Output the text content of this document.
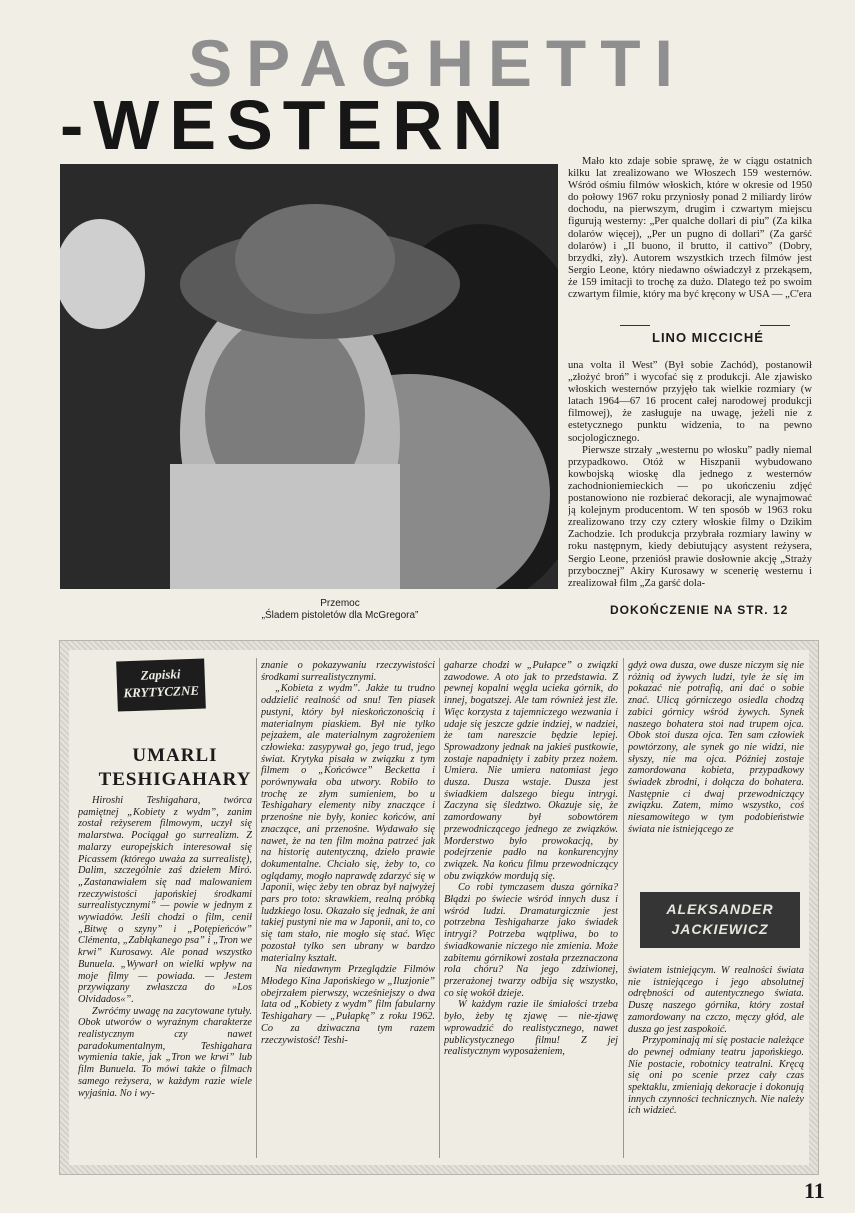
SPAGHETTI
-WESTERN
Przemoc
„Śladem pistoletów dla McGregora”

Mało kto zdaje sobie sprawę, że w ciągu ostatnich kilku lat zrealizowano we Włoszech 159 westernów. Wśród ośmiu filmów włoskich, które w okresie od 1950 do połowy 1967 roku przyniosły ponad 2 miliardy lirów dochodu, na pierwszym, drugim i czwartym miejscu figurują westerny: „Per qualche dollari di piu” (Za kilka dolarów więcej), „Per un pugno di dollari” (Za garść dolarów) i „Il buono, il brutto, il cattivo” (Dobry, brzydki, zły). Autorem wszystkich trzech filmów jest Sergio Leone, który niedawno oświadczył z przekąsem, że 159 imitacji to trochę za dużo. Dlatego też po swoim czwartym filmie, który ma być kręcony w USA — „C'era

LINO MICCICHÉ

una volta il West” (Był sobie Zachód), postanowił „złożyć broń” i wycofać się z produkcji. Ale zjawisko włoskich westernów przyjęło tak wielkie rozmiary (w latach 1964—67 16 procent całej narodowej produkcji filmowej), że zasługuje na uwagę, jeżeli nie z estetycznego punktu widzenia, to na pewno socjologicznego.

Pierwsze strzały „westernu po włosku” padły niemal przypadkowo. Otóż w Hiszpanii wybudowano kowbojską wioskę dla jednego z westernów zachodnioniemieckich — po ukończeniu zdjęć postanowiono nie rozbierać dekoracji, ale wynajmować ją kolejnym producentom. W ten sposób w 1963 roku zrealizowano trzy czy cztery włoskie filmy o Dzikim Zachodzie. Ich produkcja przybrała rozmiary lawiny w roku następnym, kiedy debiutujący asystent reżysera, Sergio Leone, przeniósł prawie dosłownie akcję „Straży przybocznej” Akiry Kurosawy w scenerię westernu i zrealizował film „Za garść dola-

DOKOŃCZENIE NA STR. 12
Zapiski
KRYTYCZNE
UMARLI
TESHIGAHARY

Hiroshi Teshigahara, twórca pamiętnej „Kobiety z wydm”, zanim został reżyserem filmowym, uczył się malarstwa. Pociągał go surrealizm. Z malarzy europejskich interesował się Picassem (którego uważa za surrealistę), Dalim, szczególnie zaś dziełem Miró. „Zastanawiałem się nad malowaniem rzeczywistości japońskiej środkami surrealistycznymi” — powie w jednym z wywiadów. Jeśli chodzi o film, cenił „Bitwę o szyny” i „Potępieńców” Clémenta, „Zabłąkanego psa” i „Tron we krwi” Kurosawy. Ale ponad wszystko Bunuela. „Wywarł on wielki wpływ na moje filmy — powiada. — Jestem przywiązany zwłaszcza do »Los Olvidados«”.

Zwróćmy uwagę na zacytowane tytuły. Obok utworów o wyraźnym charakterze realistycznym czy nawet paradokumentalnym, Teshigahara wymienia takie, jak „Tron we krwi” lub film Bunuela. To mówi także o filmach samego reżysera, w każdym razie wiele wyjaśnia. No i wy-

znanie o pokazywaniu rzeczywistości środkami surrealistycznymi.

„Kobieta z wydm”. Jakże tu trudno oddzielić realność od snu! Ten piasek pustyni, który był nieskończonością i materialnym piaskiem. Był nie tylko pejzażem, ale materialnym zagrożeniem człowieka: zasypywał go, jego trud, jego świat. Krytyka pisała w związku z tym filmem o „Końcówce” Becketta i porównywała oba utwory. Robiło to trochę ze złym sumieniem, bo u Teshigahary elementy niby znaczące i przenośne nie były, koniec końców, ani znaczące, ani przenośne. Wydawało się nawet, że na ten film można patrzeć jak na historię autentyczną, dzieło prawie dokumentalne. Chciało się, żeby to, co oglądamy, mogło naprawdę zdarzyć się w Japonii, więc żeby ten obraz był najwyżej pars pro toto: skrawkiem, realną próbką ludzkiego losu. Okazało się jednak, że ani takiej pustyni nie ma w Japonii, ani to, co się tam stało, nie mogło się stać. Więc pozostał tylko sen ubrany w bardzo materialny kształt.

Na niedawnym Przeglądzie Filmów Młodego Kina Japońskiego w „Iluzjonie” obejrzałem pierwszy, wcześniejszy o dwa lata od „Kobiety z wydm” film fabularny Teshigahary — „Pułapkę” z roku 1962. Co za dziwaczna tym razem rzeczywistość! Teshi-

gaharze chodzi w „Pułapce” o związki zawodowe. A oto jak to przedstawia. Z pewnej kopalni węgla ucieka górnik, do innej, bogatszej. Ale tam również jest źle. Więc korzysta z tajemniczego wezwania i udaje się jeszcze gdzie indziej, w nadziei, że tam nareszcie będzie lepiej. Sprowadzony jednak na jakieś pustkowie, zostaje napadnięty i zabity przez nożem. Umiera. Nie umiera natomiast jego dusza. Dusza wstaje. Dusza jest świadkiem dalszego biegu intrygi. Zaczyna się śledztwo. Okazuje się, że zamordowany był sobowtórem przewodniczącego jednego ze związków. Morderstwo było prowokacją, by podejrzenie padło na konkurencyjny związek. Na końcu filmu przewodniczący obu związków mordują się.

Co robi tymczasem dusza górnika? Błądzi po świecie wśród innych dusz i wśród ludzi. Dramaturgicznie jest potrzebna Teshigaharze jako świadek intrygi? Potrzeba wątpliwa, bo to świadkowanie niczego nie zmienia. Może zabitemu górnikowi została przeznaczona rola chóru? Na jego zdziwionej, przerażonej twarzy odbija się wszystko, co się wokół dzieje.

W każdym razie ile śmiałości trzeba było, żeby tę zjawę — nie-zjawę wprowadzić do realistycznego, nawet publicystycznego filmu! Z jej realistycznym wyposażeniem,

gdyż owa dusza, owe dusze niczym się nie różnią od żywych ludzi, tyle że się im pokazać nie potrafią, ani dać o sobie znać. Ulicą górniczego osiedla chodzą zabici górnicy wśród żywych. Synek naszego bohatera stoi nad trupem ojca. Obok stoi dusza ojca. Ten sam człowiek powtórzony, ale synek go nie widzi, nie słyszy, nie ma ojca. Później zostaje zamordowana kobieta, przypadkowy świadek zbrodni, i dołącza do bohatera. Następnie ci dwaj przewodniczący związku. Zatem, mimo wszystko, coś niesamowitego w tym podobieństwie świata nie istniejącego ze

ALEKSANDER
JACKIEWICZ

światem istniejącym. W realności świata nie istniejącego i jego absolutnej odrębności od autentycznego świata. Duszę naszego górnika, który został zamordowany na czczo, męczy głód, ale dusza go jest zaspokoić.

Przypominają mi się postacie należące do pewnej odmiany teatru japońskiego. Nie postacie, robotnicy teatralni. Kręcą się oni po scenie przez cały czas spektaklu, zmieniają dekoracje i dokonują innych czynności technicznych. Nie należy ich widzieć.

11
